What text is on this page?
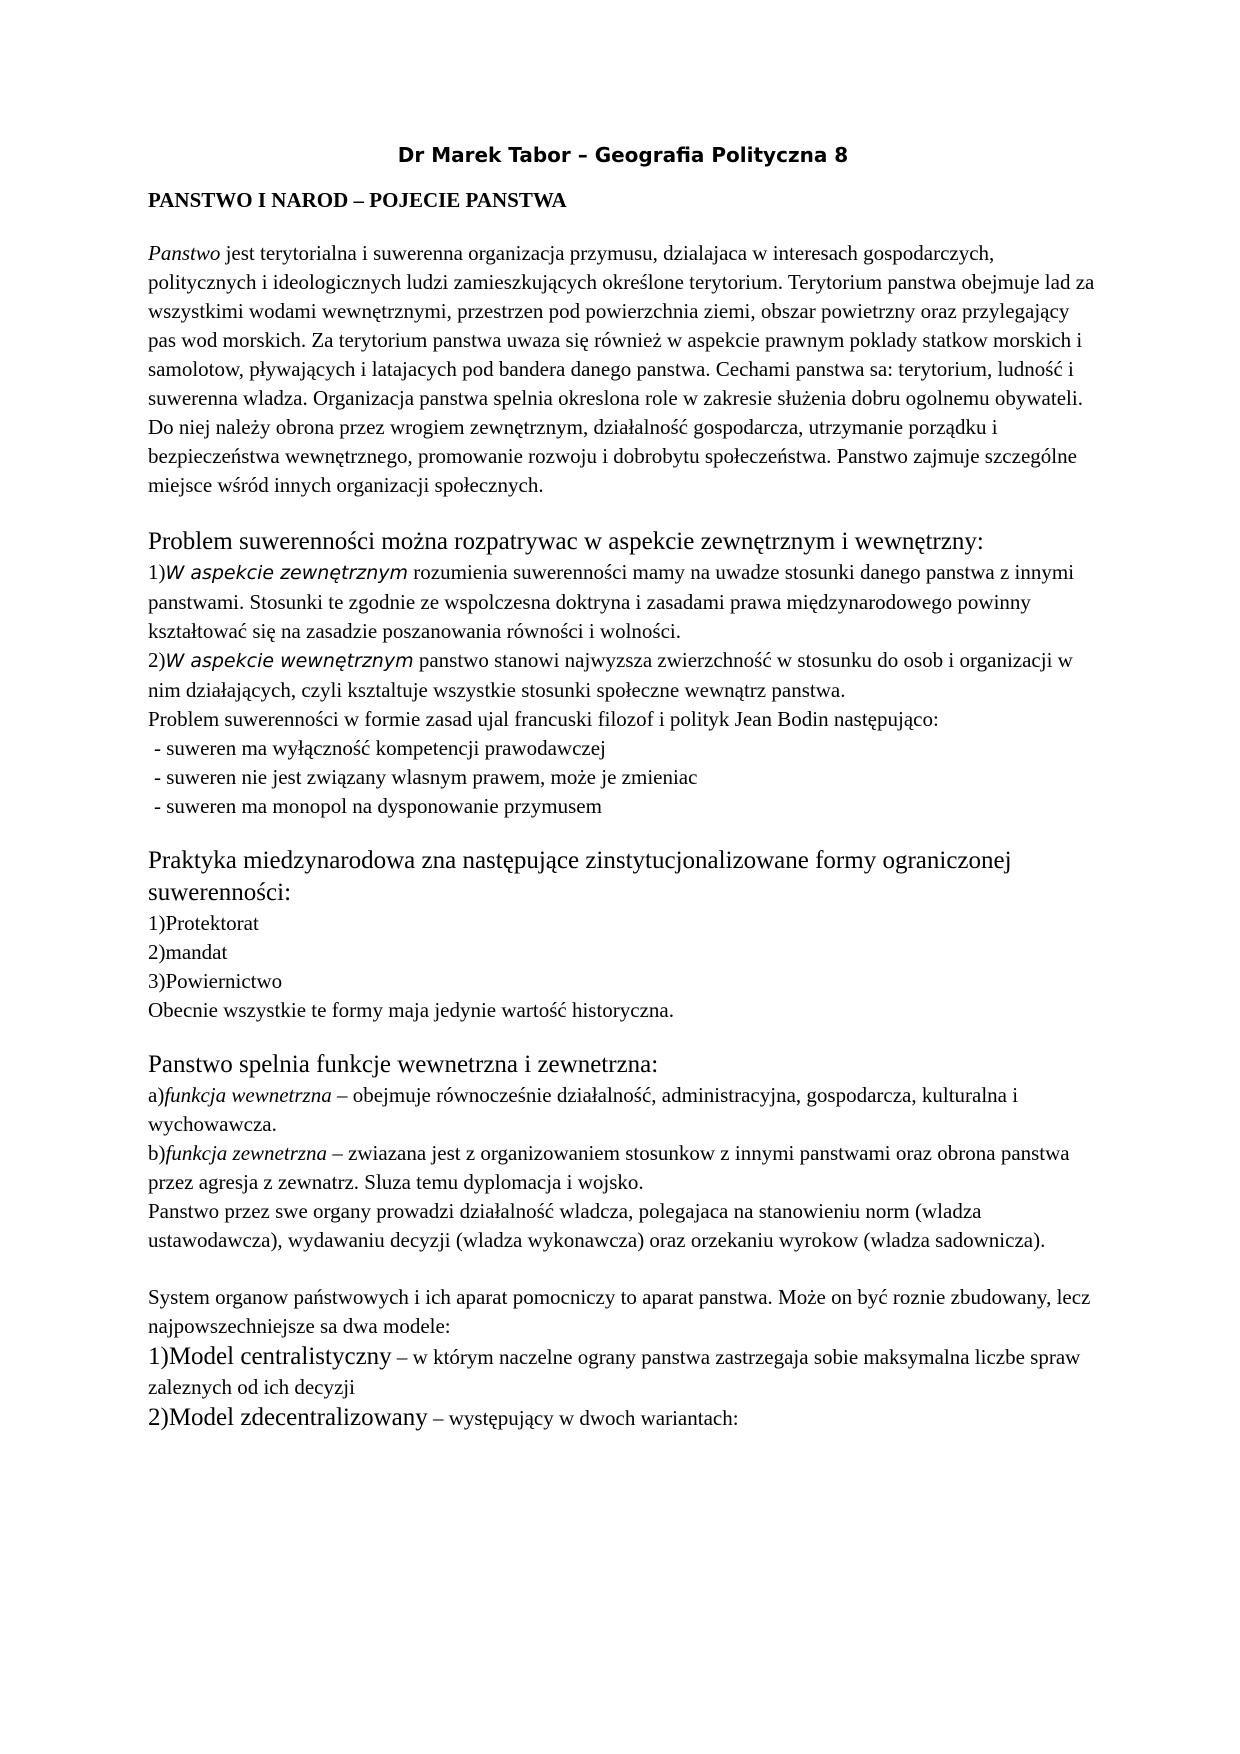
Dr Marek Tabor – Geografia Polityczna 8
PANSTWO I NAROD – POJECIE PANSTWA

Panstwo jest terytorialna i suwerenna organizacja przymusu, dzialajaca w interesach gospodarczych, politycznych i ideologicznych ludzi zamieszkujących określone terytorium. Terytorium panstwa obejmuje lad za wszystkimi wodami wewnętrznymi, przestrzen pod powierzchnia ziemi, obszar powietrzny oraz przylegający pas wod morskich. Za terytorium panstwa uwaza się również w aspekcie prawnym poklady statkow morskich i samolotow, pływających i latajacych pod bandera danego panstwa. Cechami panstwa sa: terytorium, ludność i suwerenna wladza. Organizacja panstwa spelnia okreslona role w zakresie służenia dobru ogolnemu obywateli. Do niej należy obrona przez wrogiem zewnętrznym, działalność gospodarcza, utrzymanie porządku i bezpieczeństwa wewnętrznego, promowanie rozwoju i dobrobytu społeczeństwa. Panstwo zajmuje szczególne miejsce wśród innych organizacji społecznych.

Problem suwerenności można rozpatrywac w aspekcie zewnętrznym i wewnętrzny:

1)W aspekcie zewnętrznym rozumienia suwerenności mamy na uwadze stosunki danego panstwa z innymi panstwami. Stosunki te zgodnie ze wspolczesna doktryna i zasadami prawa międzynarodowego powinny kształtować się na zasadzie poszanowania równości i wolności.

2)W aspekcie wewnętrznym panstwo stanowi najwyzsza zwierzchność w stosunku do osob i organizacji w nim działających, czyli ksztaltuje wszystkie stosunki społeczne wewnątrz panstwa.

Problem suwerenności w formie zasad ujal francuski filozof i polityk Jean Bodin następująco:

- suweren ma wyłączność kompetencji prawodawczej

- suweren nie jest związany wlasnym prawem, może je zmieniac

- suweren ma monopol na dysponowanie przymusem

Praktyka miedzynarodowa zna następujące zinstytucjonalizowane formy ograniczonej suwerenności:

1)Protektorat

2)mandat

3)Powiernictwo

Obecnie wszystkie te formy maja jedynie wartość historyczna.

Panstwo spelnia funkcje wewnetrzna i zewnetrzna:

a)funkcja wewnetrzna – obejmuje równocześnie działalność, administracyjna, gospodarcza, kulturalna i wychowawcza.

b)funkcja zewnetrzna – zwiazana jest z organizowaniem stosunkow z innymi panstwami oraz obrona panstwa przez agresja z zewnatrz. Sluza temu dyplomacja i wojsko.

Panstwo przez swe organy prowadzi działalność wladcza, polegajaca na stanowieniu norm (wladza ustawodawcza), wydawaniu decyzji (wladza wykonawcza) oraz orzekaniu wyrokow (wladza sadownicza).

System organow państwowych i ich aparat pomocniczy to aparat panstwa. Może on być roznie zbudowany, lecz najpowszechniejsze sa dwa modele:

1)Model centralistyczny – w którym naczelne ograny panstwa zastrzegaja sobie maksymalna liczbe spraw zaleznych od ich decyzji

2)Model zdecentralizowany – występujący w dwoch wariantach:
